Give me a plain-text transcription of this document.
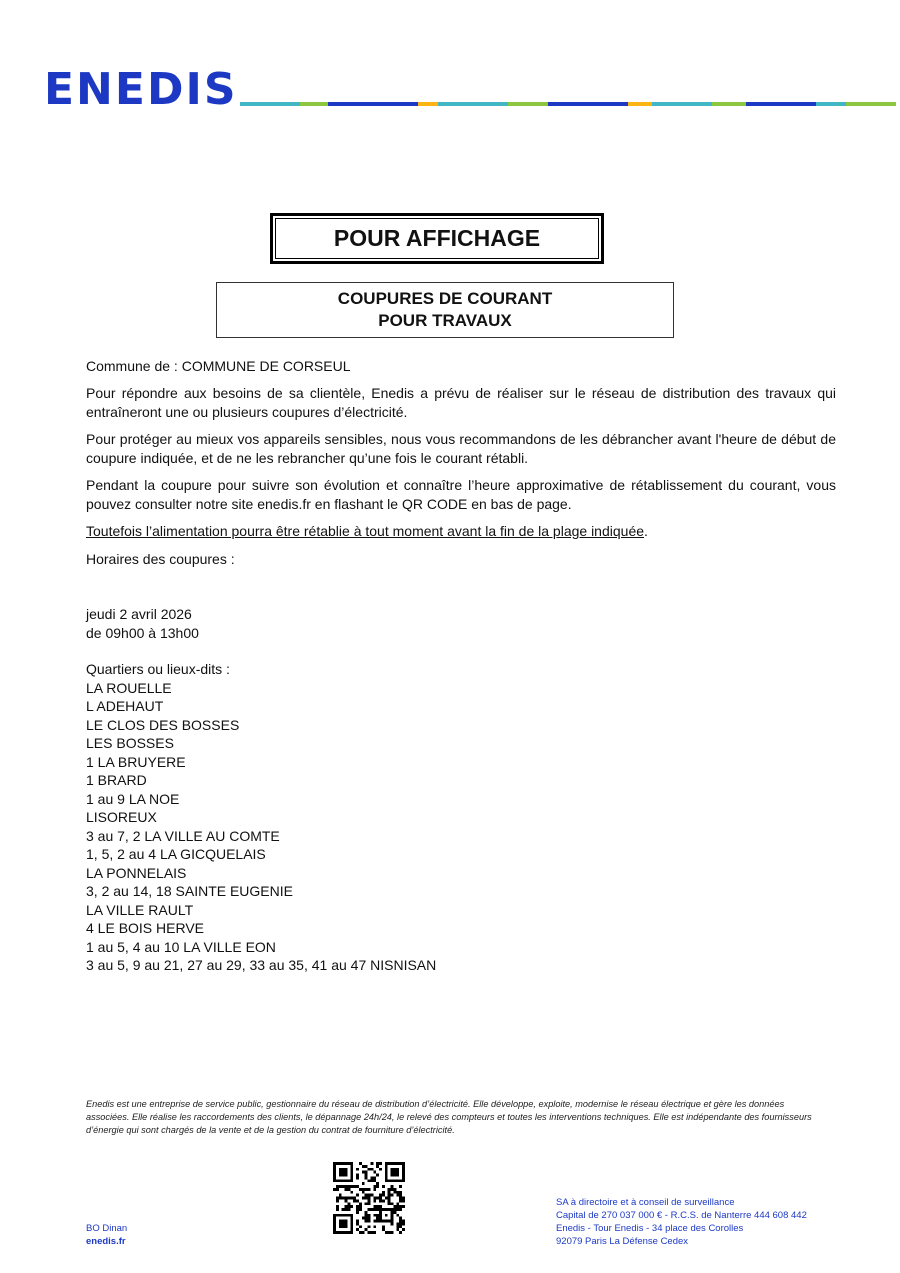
ENEDIS
POUR AFFICHAGE
COUPURES DE COURANT
POUR TRAVAUX
Commune de : COMMUNE DE CORSEUL
Pour répondre aux besoins de sa clientèle, Enedis a prévu de réaliser sur le réseau de distribution des travaux qui entraîneront une ou plusieurs coupures d’électricité.
Pour protéger au mieux vos appareils sensibles, nous vous recommandons de les débrancher avant l'heure de début de coupure indiquée, et de ne les rebrancher qu’une fois le courant rétabli.
Pendant la coupure pour suivre son évolution et connaître l’heure approximative de rétablissement du courant, vous pouvez consulter notre site enedis.fr en flashant le QR CODE en bas de page.
Toutefois l’alimentation pourra être rétablie à tout moment avant la fin de la plage indiquée.
Horaires des coupures :
jeudi 2 avril 2026
de 09h00 à 13h00
Quartiers ou lieux-dits :
LA ROUELLE
L ADEHAUT
LE CLOS DES BOSSES
LES BOSSES
1 LA BRUYERE
1 BRARD
1 au 9 LA NOE
LISOREUX
3 au 7, 2 LA VILLE AU COMTE
1, 5, 2 au 4 LA GICQUELAIS
LA PONNELAIS
3, 2 au 14, 18 SAINTE EUGENIE
LA VILLE RAULT
4 LE BOIS HERVE
1 au 5, 4 au 10 LA VILLE EON
3 au 5, 9 au 21, 27 au 29, 33 au 35, 41 au 47 NISNISAN
Enedis est une entreprise de service public, gestionnaire du réseau de distribution d’électricité. Elle développe, exploite, modernise le réseau électrique et gère les données associées. Elle réalise les raccordements des clients, le dépannage 24h/24, le relevé des compteurs et toutes les interventions techniques. Elle est indépendante des fournisseurs d’énergie qui sont chargés de la vente et de la gestion du contrat de fourniture d’électricité.
BO Dinan
enedis.fr
SA à directoire et à conseil de surveillance
Capital de 270 037 000 € - R.C.S. de Nanterre 444 608 442
Enedis - Tour Enedis - 34 place des Corolles
92079 Paris La Défense Cedex
